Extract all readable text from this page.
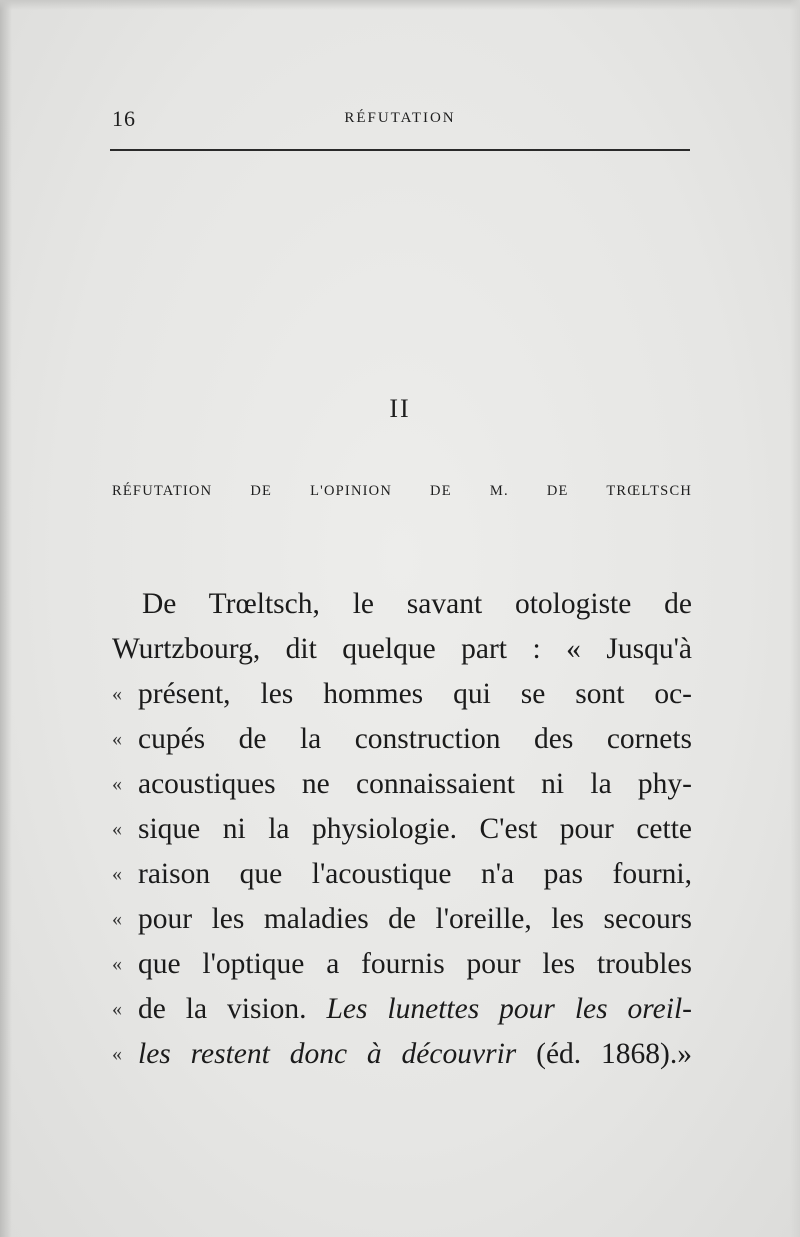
16	RÉFUTATION
II
RÉFUTATION DE L'OPINION DE M. DE TRŒLTSCH
De Trœltsch, le savant otologiste de
Wurtzbourg, dit quelque part : « Jusqu'à
« présent, les hommes qui se sont oc-
« cupés de la construction des cornets
« acoustiques ne connaissaient ni la phy-
« sique ni la physiologie. C'est pour cette
« raison que l'acoustique n'a pas fourni,
« pour les maladies de l'oreille, les secours
« que l'optique a fournis pour les troubles
« de la vision. Les lunettes pour les oreil-
« les restent donc à découvrir (éd. 1868).»
